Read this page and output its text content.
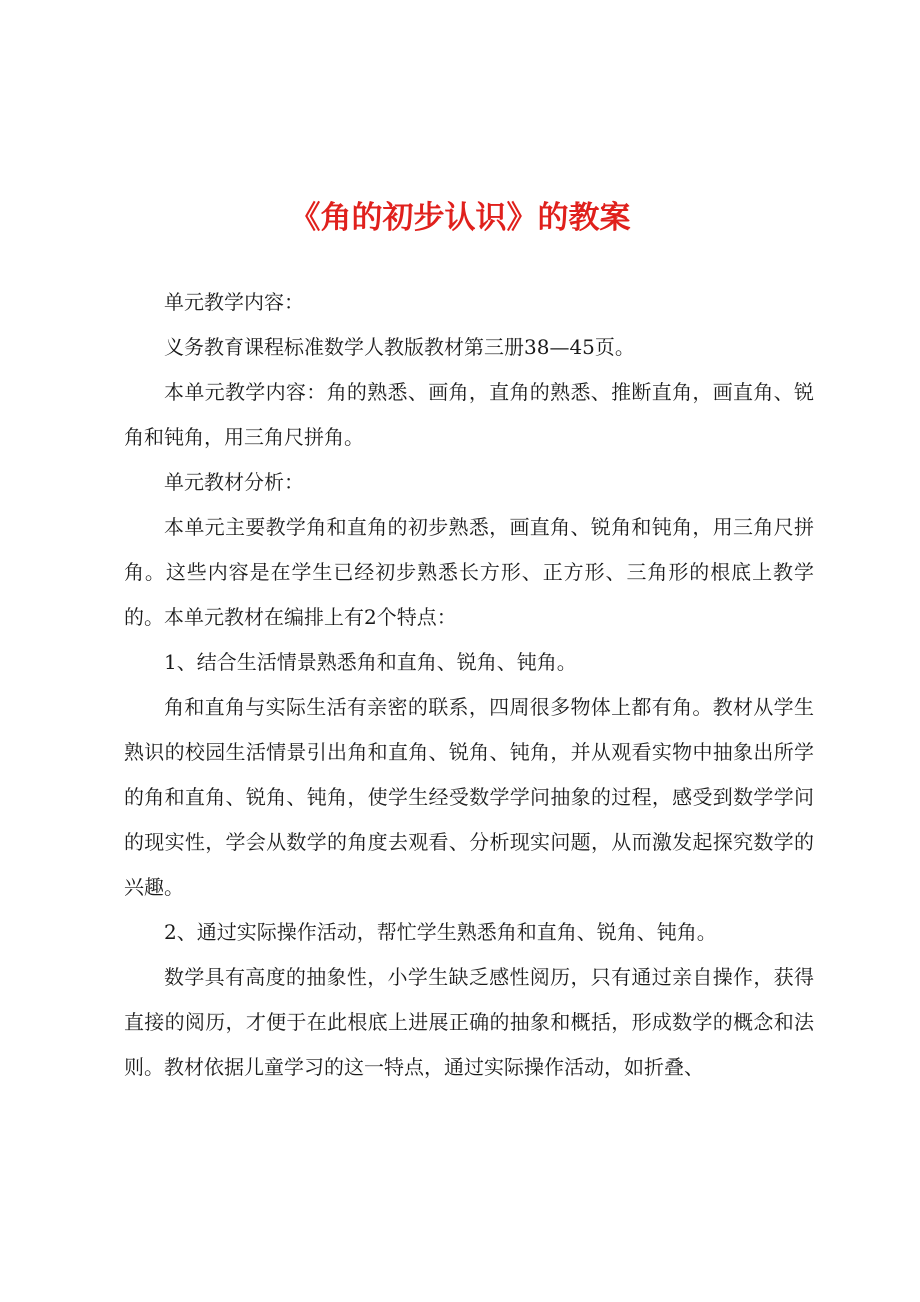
《角的初步认识》的教案

单元教学内容：

义务教育课程标准数学人教版教材第三册38—45页。

本单元教学内容：角的熟悉、画角，直角的熟悉、推断直角，画直角、锐角和钝角，用三角尺拼角。

单元教材分析：

本单元主要教学角和直角的初步熟悉，画直角、锐角和钝角，用三角尺拼角。这些内容是在学生已经初步熟悉长方形、正方形、三角形的根底上教学的。本单元教材在编排上有2个特点：

1、结合生活情景熟悉角和直角、锐角、钝角。

角和直角与实际生活有亲密的联系，四周很多物体上都有角。教材从学生熟识的校园生活情景引出角和直角、锐角、钝角，并从观看实物中抽象出所学的角和直角、锐角、钝角，使学生经受数学学问抽象的过程，感受到数学学问的现实性，学会从数学的角度去观看、分析现实问题，从而激发起探究数学的兴趣。

2、通过实际操作活动，帮忙学生熟悉角和直角、锐角、钝角。

数学具有高度的抽象性，小学生缺乏感性阅历，只有通过亲自操作，获得直接的阅历，才便于在此根底上进展正确的抽象和概括，形成数学的概念和法则。教材依据儿童学习的这一特点，通过实际操作活动，如折叠、
